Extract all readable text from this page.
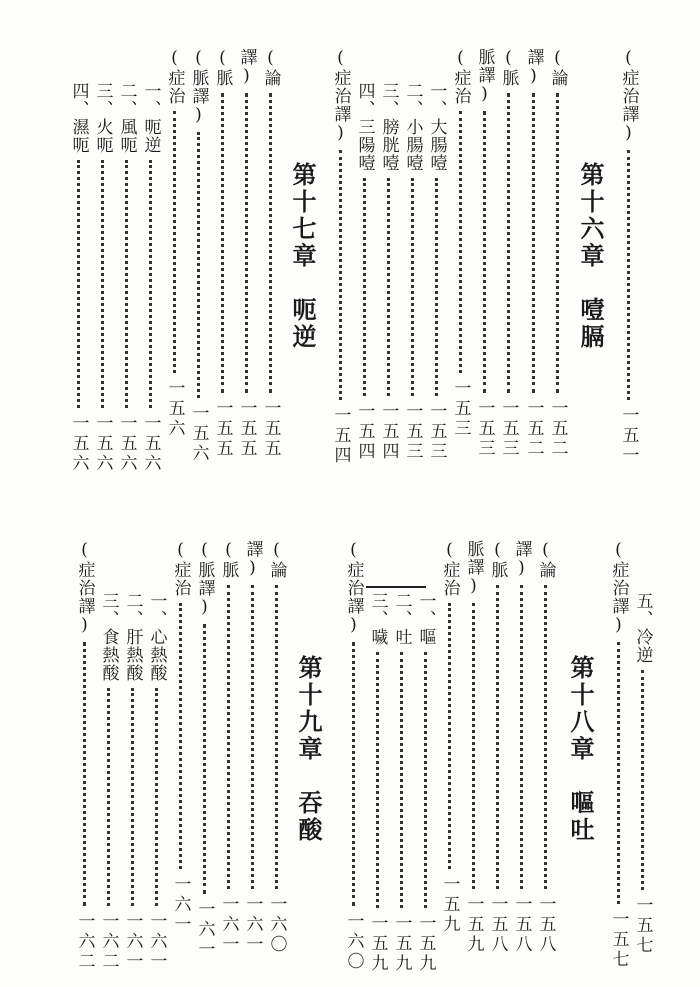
(症治譯)
一五一
第十六章　噎膈
(論
一五二
譯)
一五二
(脈
一五三
脈譯)
一五三
(症
治
一五三
一、大腸噎
一五三
二、小腸噎
一五三
三、膀胱噎
一五四
四、三陽噎
一五四
(症治譯)
一五四
第十七章　呃逆
(論
一五五
譯)
一五五
(脈
一五五
(脈譯)
一五六
(症
治
一五六
一、呃逆
一五六
二、風呃
一五六
三、火呃
一五六
四、濕呃
一五六
(症治譯)
一五七
五、冷逆
一五七
第十八章　嘔吐
(論
一五八
譯)
一五八
(脈
一五八
脈譯)
一五九
(症
治
一五九
一、嘔
一五九
二、吐
一五九
三、噦
一五九
(症治譯)
一六〇
第十九章　吞酸
(論
一六〇
譯)
一六一
(脈
一六一
(脈譯)
一六一
(症
治
一六一
一、心熱酸
一六一
二、肝熱酸
一六一
三、食熱酸
一六二
(症治譯)
一六二
